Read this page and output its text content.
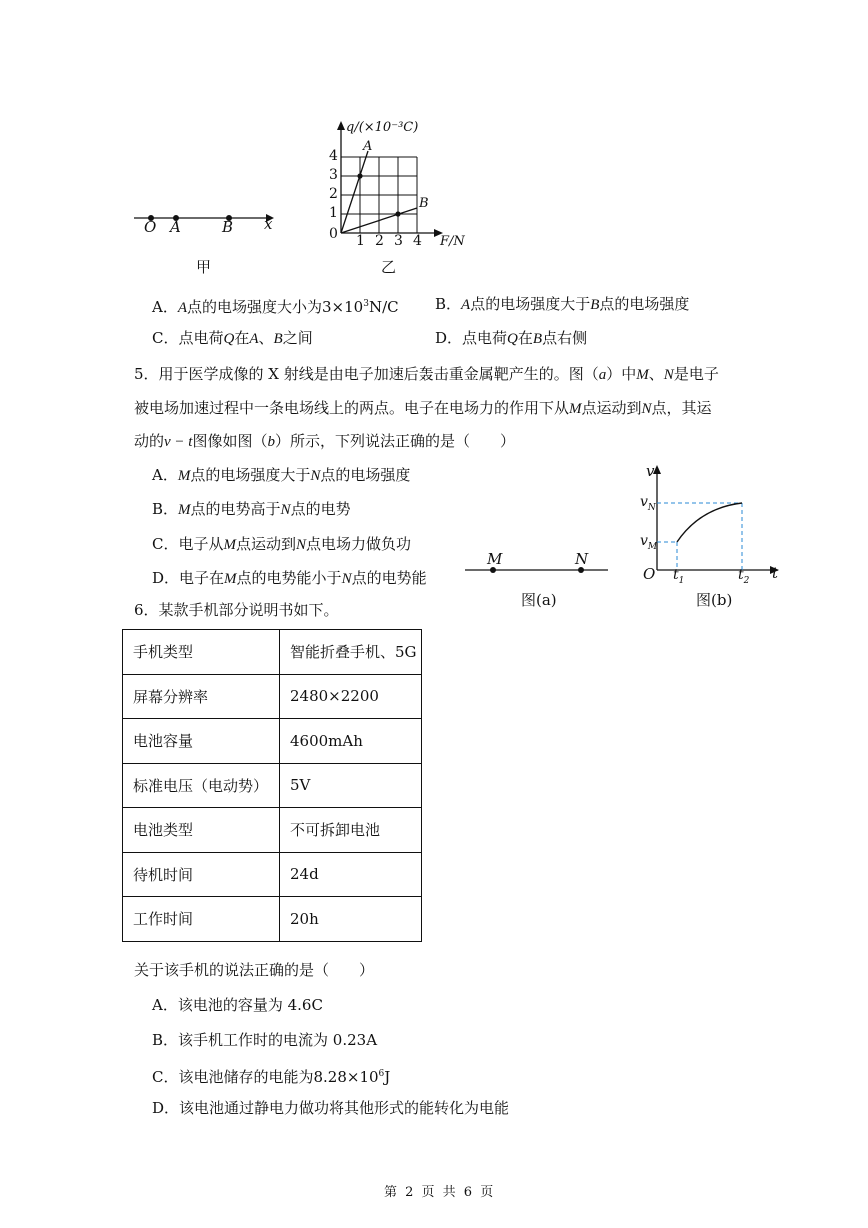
O A	B x
甲
q/(×10⁻³C)
A
B
4
3
2
1
0 1 2 3 4 F/N
乙
A．A点的电场强度大小为$3\times 10^3N/C$ B．A点的电场强度大于B点的电场强度
C．点电荷Q在A、B之间	D．点电荷Q在B点右侧
5．用于医学成像的 X 射线是由电子加速后轰击重金属靶产生的。图（a）中M、N是电子
被电场加速过程中一条电场线上的两点。电子在电场力的作用下从M点运动到N点，其运
动的v − t图像如图（b）所示，下列说法正确的是（　　）
A．M点的电场强度大于N点的电场强度
B．M点的电势高于N点的电势
C．电子从M点运动到N点电场力做负功
D．电子在M点的电势能小于N点的电势能
M	N
图(a)
v
$v_N$
$v_M$
O $t_1$	$t_2$ t
图(b)
6．某款手机部分说明书如下。
手机类型	智能折叠手机、5G
屏幕分辨率	2480×2200
电池容量	4600mAh
标准电压（电动势）	5V
电池类型	不可拆卸电池
待机时间	24d
工作时间	20h
关于该手机的说法正确的是（　　）
A．该电池的容量为 4.6C
B．该手机工作时的电流为 0.23A
C．该电池储存的电能为$8.28\times 10^6J$
D．该电池通过静电力做功将其他形式的能转化为电能
第 2 页 共 6 页
